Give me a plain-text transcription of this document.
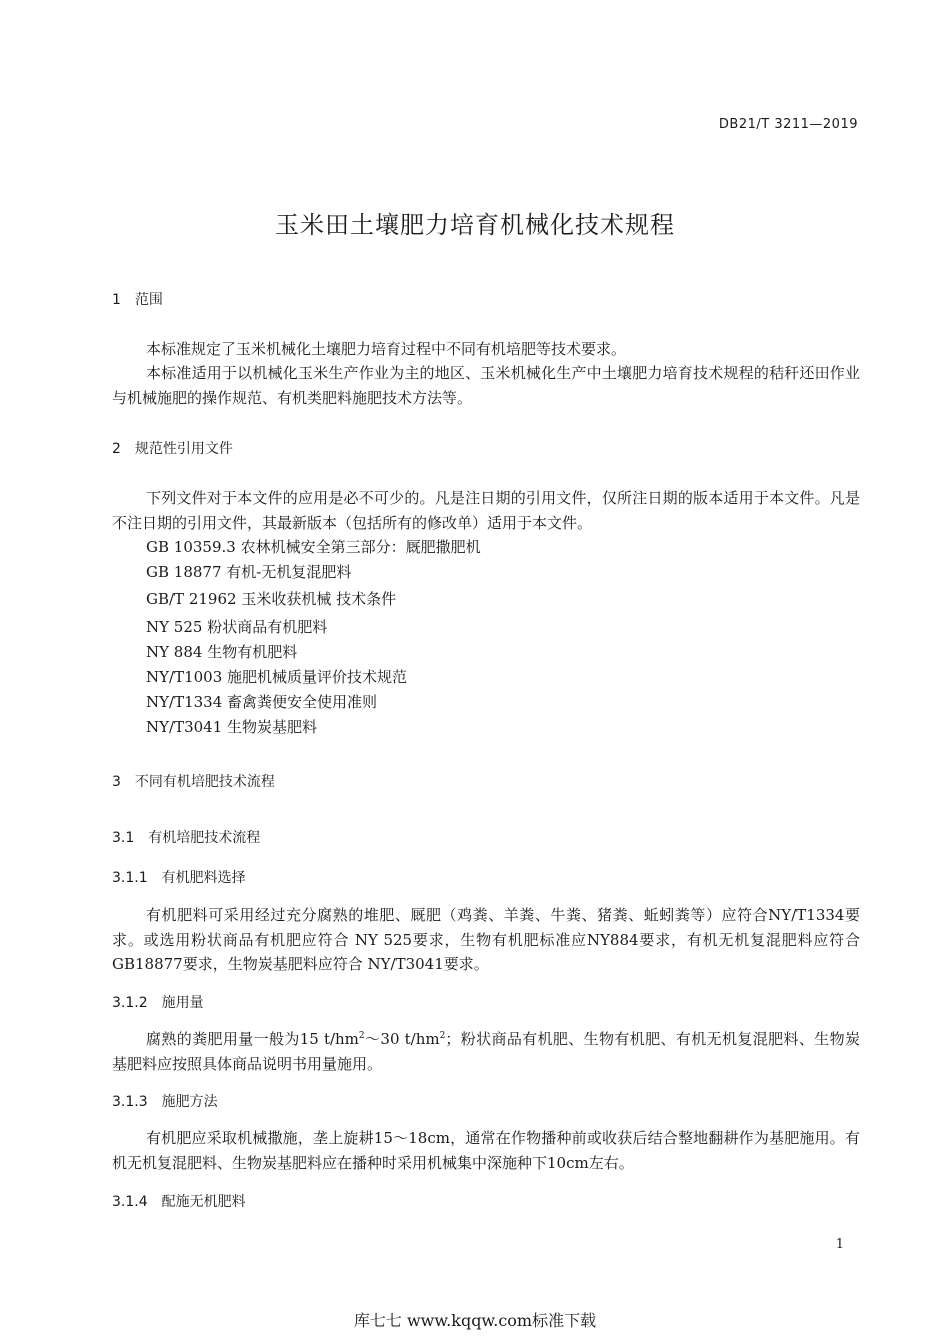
DB21/T 3211—2019
玉米田土壤肥力培育机械化技术规程
1 范围
本标准规定了玉米机械化土壤肥力培育过程中不同有机培肥等技术要求。
本标准适用于以机械化玉米生产作业为主的地区、玉米机械化生产中土壤肥力培育技术规程的秸秆还田作业与机械施肥的操作规范、有机类肥料施肥技术方法等。
2 规范性引用文件
下列文件对于本文件的应用是必不可少的。凡是注日期的引用文件，仅所注日期的版本适用于本文件。凡是不注日期的引用文件，其最新版本（包括所有的修改单）适用于本文件。
GB 10359.3 农林机械安全第三部分：厩肥撒肥机
GB 18877 有机-无机复混肥料
GB/T 21962 玉米收获机械 技术条件
NY 525 粉状商品有机肥料
NY 884 生物有机肥料
NY/T1003 施肥机械质量评价技术规范
NY/T1334 畜禽粪便安全使用准则
NY/T3041 生物炭基肥料
3 不同有机培肥技术流程
3.1 有机培肥技术流程
3.1.1 有机肥料选择
有机肥料可采用经过充分腐熟的堆肥、厩肥（鸡粪、羊粪、牛粪、猪粪、蚯蚓粪等）应符合NY/T1334要求。或选用粉状商品有机肥应符合 NY 525要求，生物有机肥标准应NY884要求，有机无机复混肥料应符合 GB18877要求，生物炭基肥料应符合 NY/T3041要求。
3.1.2 施用量
腐熟的粪肥用量一般为15 $t/hm^2\sim 30$ $t/hm^2$；粉状商品有机肥、生物有机肥、有机无机复混肥料、生物炭基肥料应按照具体商品说明书用量施用。
3.1.3 施肥方法
有机肥应采取机械撒施，垄上旋耕15～18cm，通常在作物播种前或收获后结合整地翻耕作为基肥施用。有机无机复混肥料、生物炭基肥料应在播种时采用机械集中深施种下10cm左右。
3.1.4 配施无机肥料
1
库七七 www.kqqw.com标准下载
